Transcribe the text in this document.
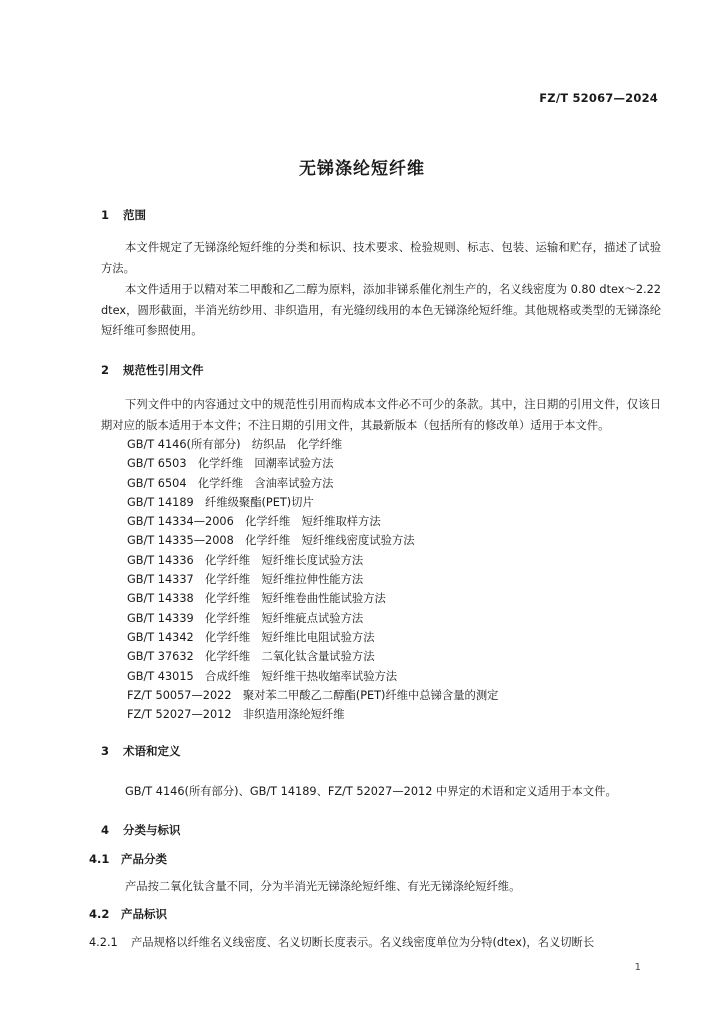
FZ/T 52067—2024
无锑涤纶短纤维
1 范围
本文件规定了无锑涤纶短纤维的分类和标识、技术要求、检验规则、标志、包装、运输和贮存，描述了试验方法。
本文件适用于以精对苯二甲酸和乙二醇为原料，添加非锑系催化剂生产的，名义线密度为 0.80 dtex～2.22 dtex，圆形截面，半消光纺纱用、非织造用，有光缝纫线用的本色无锑涤纶短纤维。其他规格或类型的无锑涤纶短纤维可参照使用。
2 规范性引用文件
下列文件中的内容通过文中的规范性引用而构成本文件必不可少的条款。其中，注日期的引用文件，仅该日期对应的版本适用于本文件；不注日期的引用文件，其最新版本（包括所有的修改单）适用于本文件。
GB/T 4146(所有部分)　纺织品　化学纤维
GB/T 6503　化学纤维　回潮率试验方法
GB/T 6504　化学纤维　含油率试验方法
GB/T 14189　纤维级聚酯(PET)切片
GB/T 14334—2006　化学纤维　短纤维取样方法
GB/T 14335—2008　化学纤维　短纤维线密度试验方法
GB/T 14336　化学纤维　短纤维长度试验方法
GB/T 14337　化学纤维　短纤维拉伸性能方法
GB/T 14338　化学纤维　短纤维卷曲性能试验方法
GB/T 14339　化学纤维　短纤维疵点试验方法
GB/T 14342　化学纤维　短纤维比电阻试验方法
GB/T 37632　化学纤维　二氧化钛含量试验方法
GB/T 43015　合成纤维　短纤维干热收缩率试验方法
FZ/T 50057—2022　聚对苯二甲酸乙二醇酯(PET)纤维中总锑含量的测定
FZ/T 52027—2012　非织造用涤纶短纤维
3 术语和定义
GB/T 4146(所有部分)、GB/T 14189、FZ/T 52027—2012 中界定的术语和定义适用于本文件。
4 分类与标识
4.1 产品分类
产品按二氧化钛含量不同，分为半消光无锑涤纶短纤维、有光无锑涤纶短纤维。
4.2 产品标识
4.2.1 产品规格以纤维名义线密度、名义切断长度表示。名义线密度单位为分特(dtex)，名义切断长
1
